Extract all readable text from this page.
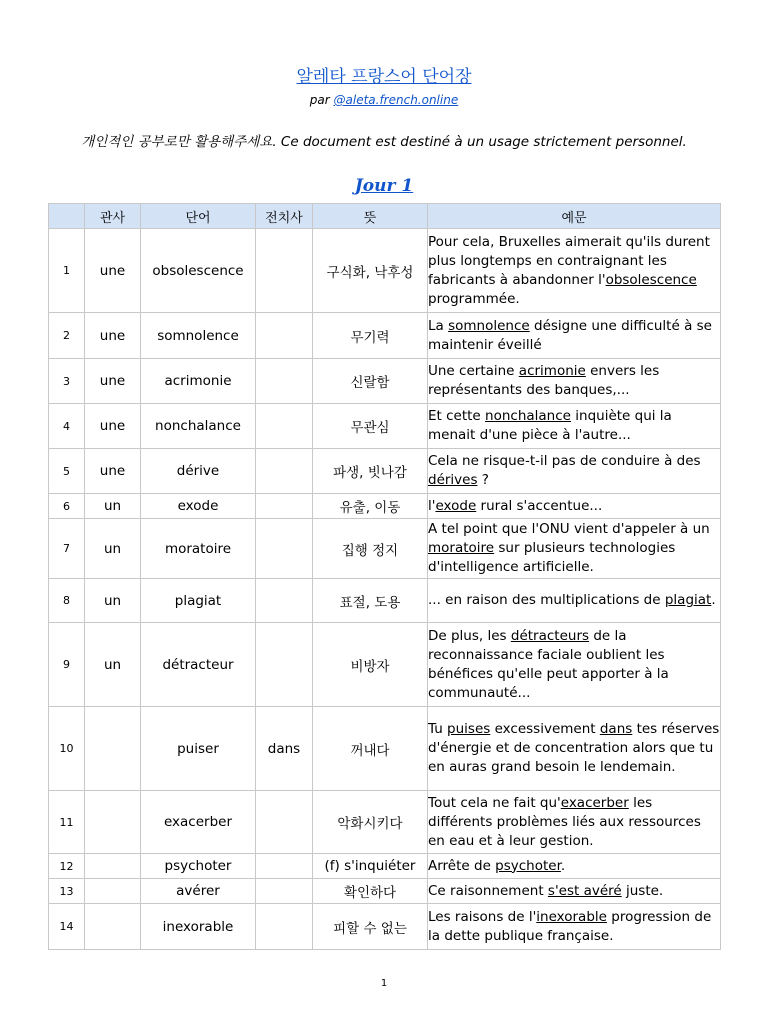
알레타 프랑스어 단어장
par @aleta.french.online
개인적인 공부로만 활용해주세요. Ce document est destiné à un usage strictement personnel.
Jour 1
	관사	단어	전치사	뜻	예문
1	une	obsolescence		구식화, 낙후성	Pour cela, Bruxelles aimerait qu'ils durent plus longtemps en contraignant les fabricants à abandonner l'obsolescence programmée.
2	une	somnolence		무기력	La somnolence désigne une difficulté à se maintenir éveillé
3	une	acrimonie		신랄함	Une certaine acrimonie envers les représentants des banques,...
4	une	nonchalance		무관심	Et cette nonchalance inquiète qui la menait d'une pièce à l'autre...
5	une	dérive		파생, 빗나감	Cela ne risque-t-il pas de conduire à des dérives ?
6	un	exode		유출, 이동	l'exode rural s'accentue...
7	un	moratoire		집행 정지	A tel point que l'ONU vient d'appeler à un moratoire sur plusieurs technologies d'intelligence artificielle.
8	un	plagiat		표절, 도용	... en raison des multiplications de plagiat.
9	un	détracteur		비방자	De plus, les détracteurs de la reconnaissance faciale oublient les bénéfices qu'elle peut apporter à la communauté...
10		puiser	dans	꺼내다	Tu puises excessivement dans tes réserves d'énergie et de concentration alors que tu en auras grand besoin le lendemain.
11		exacerber		악화시키다	Tout cela ne fait qu'exacerber les différents problèmes liés aux ressources en eau et à leur gestion.
12		psychoter		(f) s'inquiéter	Arrête de psychoter.
13		avérer		확인하다	Ce raisonnement s'est avéré juste.
14		inexorable		피할 수 없는	Les raisons de l'inexorable progression de la dette publique française.
1
